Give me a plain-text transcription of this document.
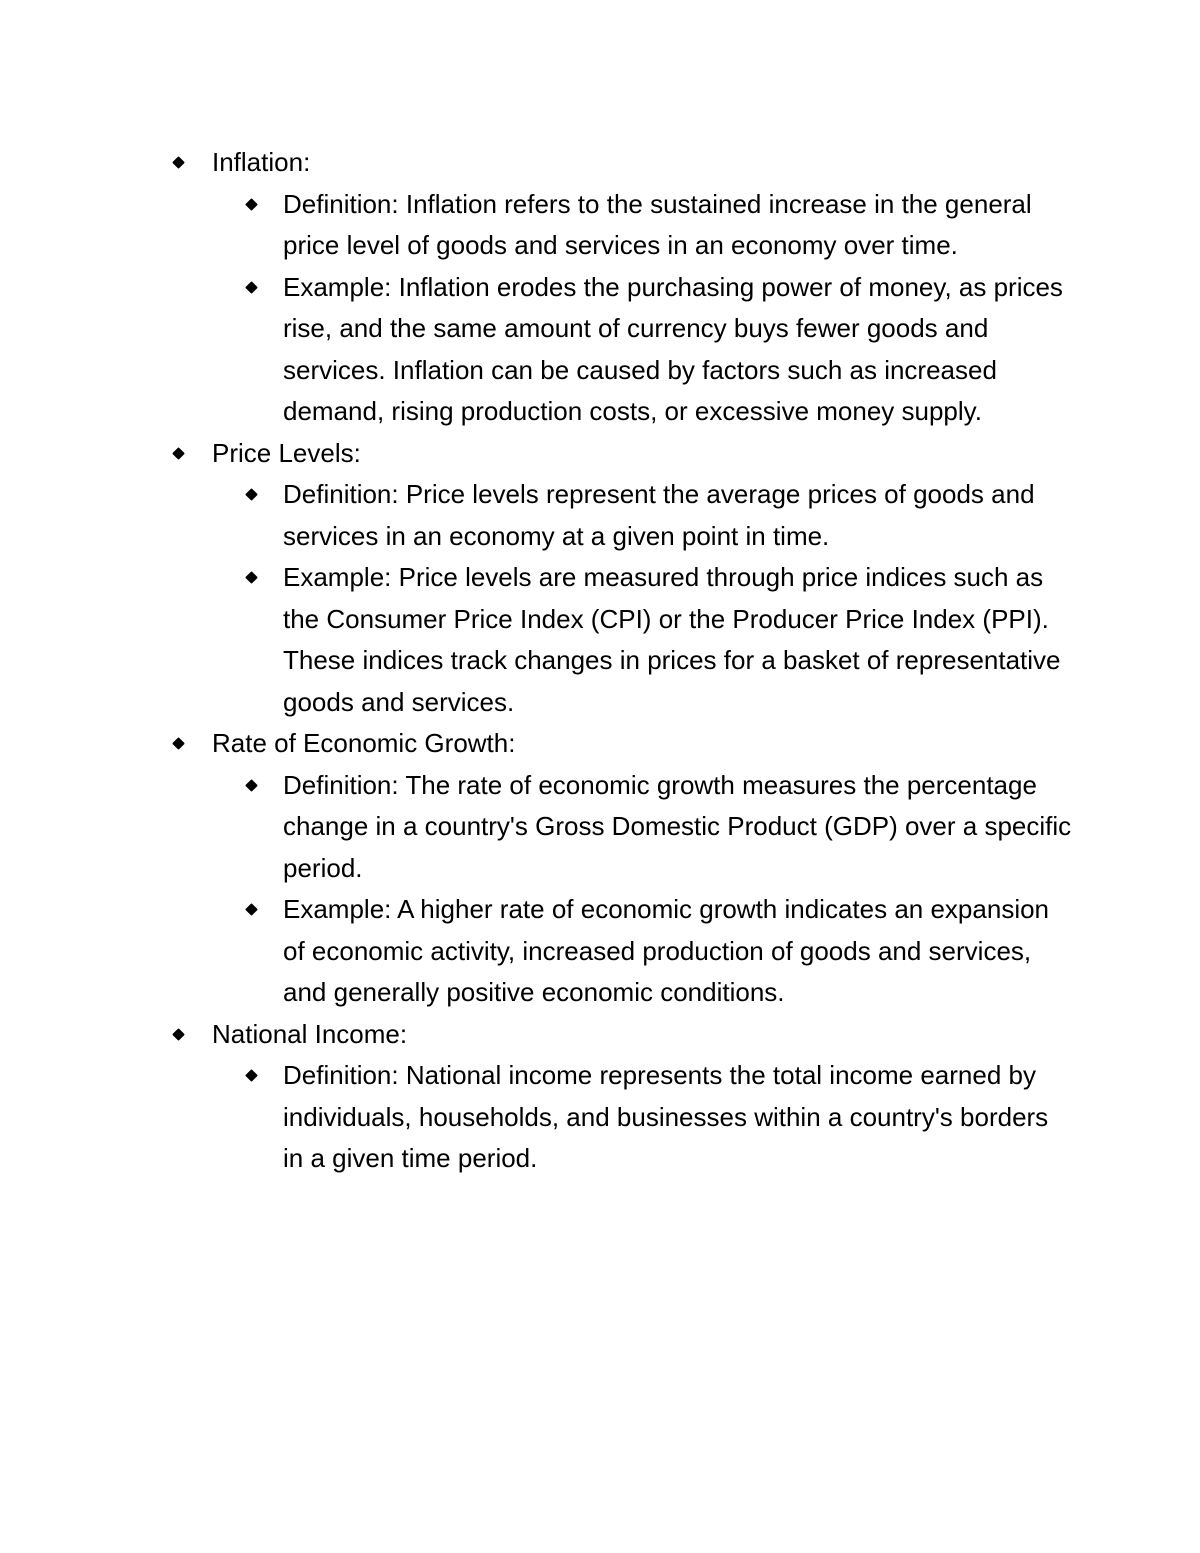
Inflation:
Definition: Inflation refers to the sustained increase in the general price level of goods and services in an economy over time.
Example: Inflation erodes the purchasing power of money, as prices rise, and the same amount of currency buys fewer goods and services. Inflation can be caused by factors such as increased demand, rising production costs, or excessive money supply.
Price Levels:
Definition: Price levels represent the average prices of goods and services in an economy at a given point in time.
Example: Price levels are measured through price indices such as the Consumer Price Index (CPI) or the Producer Price Index (PPI). These indices track changes in prices for a basket of representative goods and services.
Rate of Economic Growth:
Definition: The rate of economic growth measures the percentage change in a country's Gross Domestic Product (GDP) over a specific period.
Example: A higher rate of economic growth indicates an expansion of economic activity, increased production of goods and services, and generally positive economic conditions.
National Income:
Definition: National income represents the total income earned by individuals, households, and businesses within a country's borders in a given time period.
